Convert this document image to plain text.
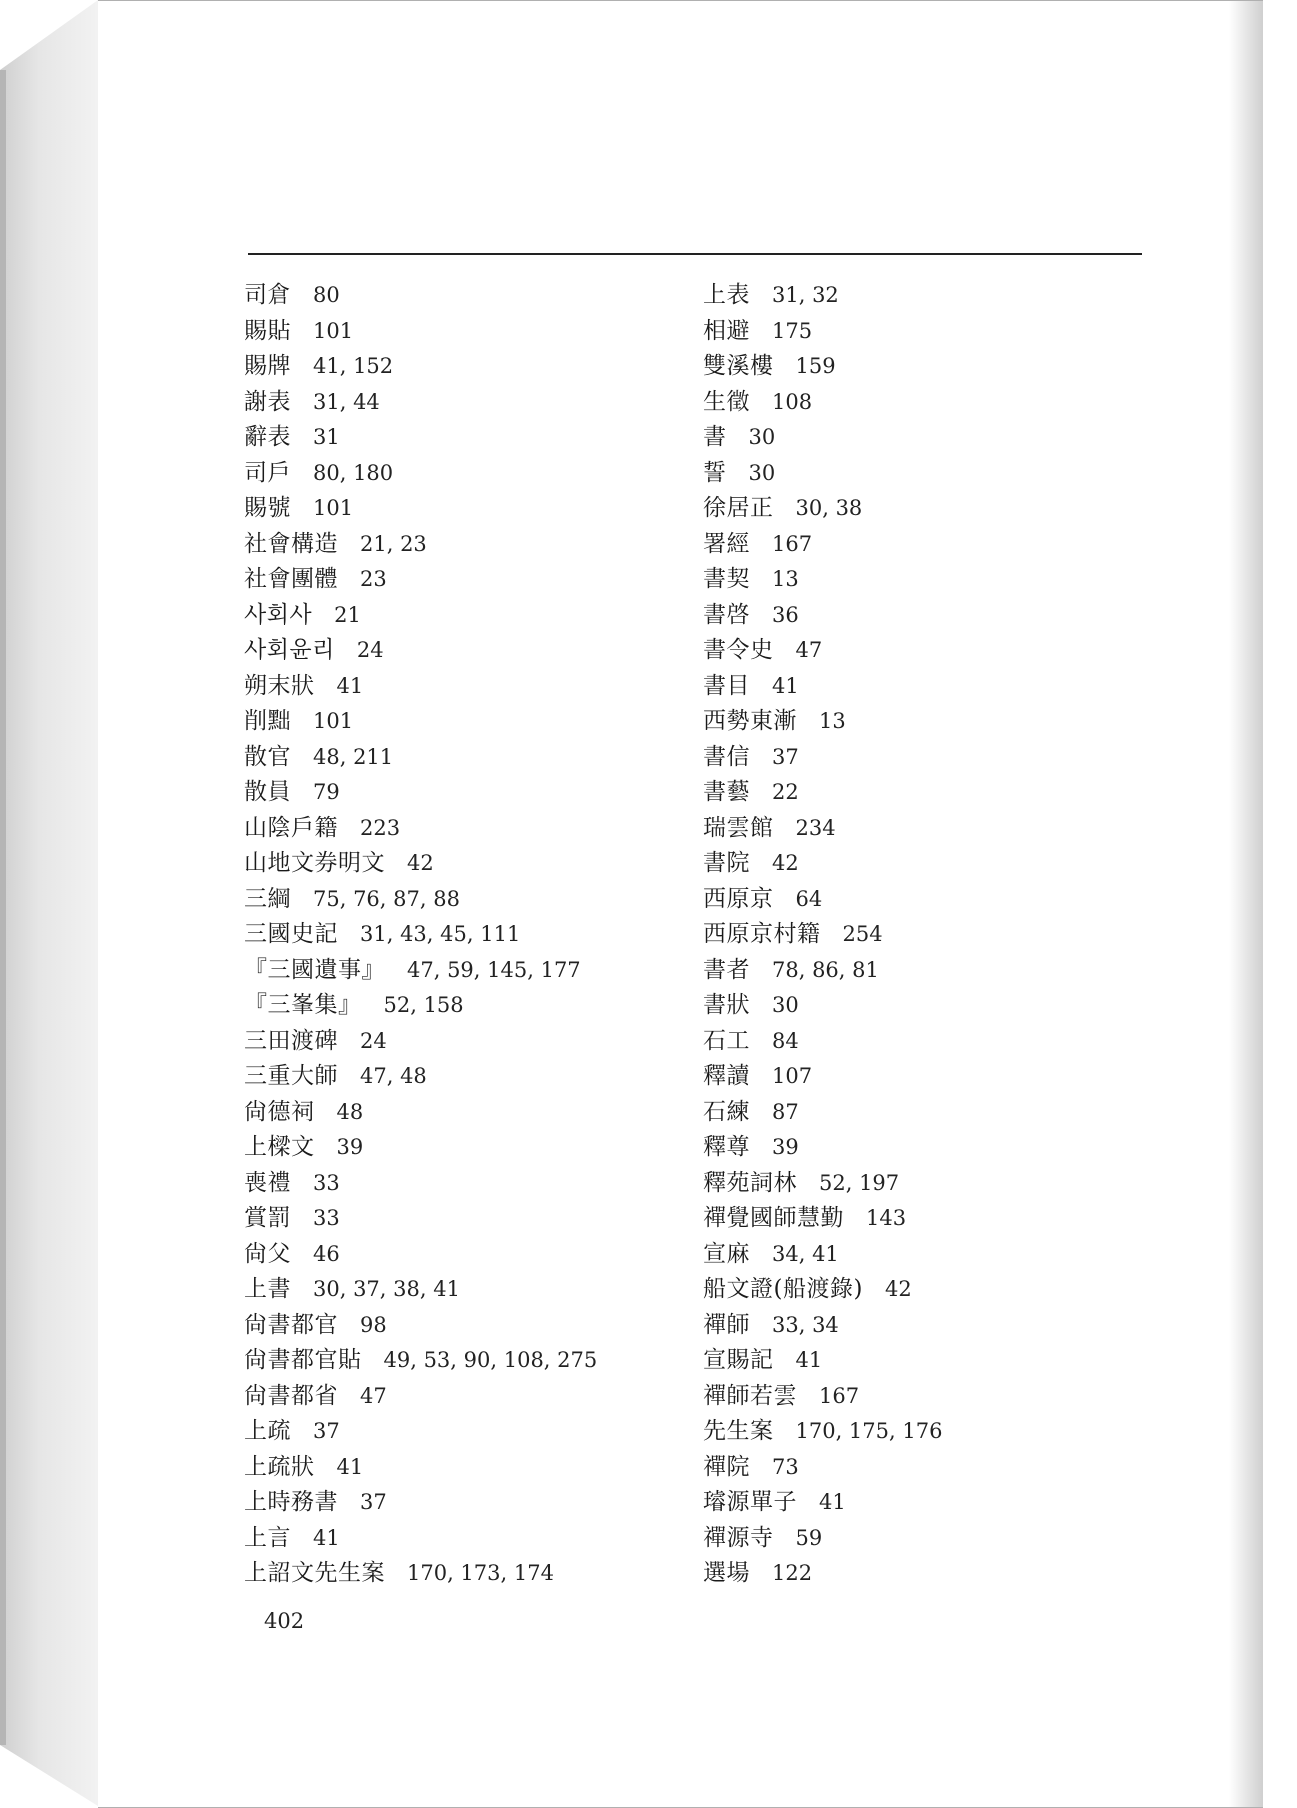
司倉 80
賜貼 101
賜牌 41, 152
謝表 31, 44
辭表 31
司戶 80, 180
賜號 101
社會構造 21, 23
社會團體 23
사회사 21
사회윤리 24
朔末狀 41
削黜 101
散官 48, 211
散員 79
山陰戶籍 223
山地文券明文 42
三綱 75, 76, 87, 88
三國史記 31, 43, 45, 111
『三國遺事』 47, 59, 145, 177
『三峯集』 52, 158
三田渡碑 24
三重大師 47, 48
尙德祠 48
上樑文 39
喪禮 33
賞罰 33
尙父 46
上書 30, 37, 38, 41
尙書都官 98
尙書都官貼 49, 53, 90, 108, 275
尙書都省 47
上疏 37
上疏狀 41
上時務書 37
上言 41
上詔文先生案 170, 173, 174
上表 31, 32
相避 175
雙溪樓 159
生徵 108
書 30
誓 30
徐居正 30, 38
署經 167
書契 13
書啓 36
書令史 47
書目 41
西勢東漸 13
書信 37
書藝 22
瑞雲館 234
書院 42
西原京 64
西原京村籍 254
書者 78, 86, 81
書狀 30
石工 84
釋讀 107
石練 87
釋尊 39
釋苑詞林 52, 197
禪覺國師慧勤 143
宣麻 34, 41
船文證(船渡錄) 42
禪師 33, 34
宣賜記 41
禪師若雲 167
先生案 170, 175, 176
禪院 73
璿源單子 41
禪源寺 59
選場 122
402
